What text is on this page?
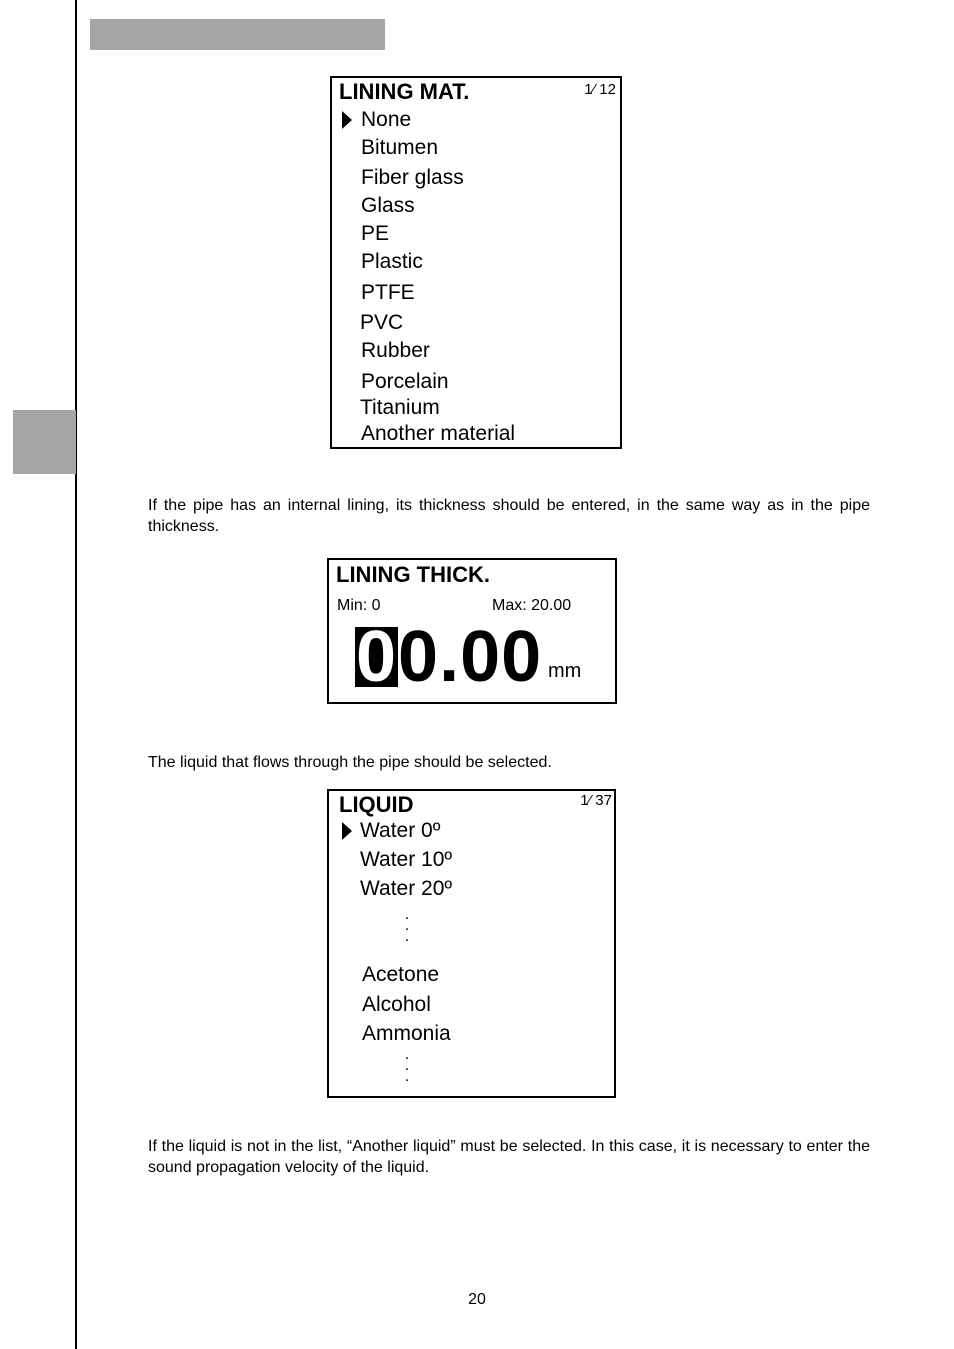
LINING MAT.	1⁄ 12
None
Bitumen
Fiber glass
Glass
PE
Plastic
PTFE
PVC
Rubber
Porcelain
Titanium
Another material
If the pipe has an internal lining, its thickness should be entered, in the same way as in the pipe thickness.
LINING THICK.
Min: 0	Max: 20.00
00.00 mm
The liquid that flows through the pipe should be selected.
LIQUID	1⁄ 37
Water 0º
Water 10º
Water 20º
.
.
.
Acetone
Alcohol
Ammonia
.
.
.
If the liquid is not in the list, “Another liquid” must be selected. In this case, it is necessary to enter the sound propagation velocity of the liquid.
20
